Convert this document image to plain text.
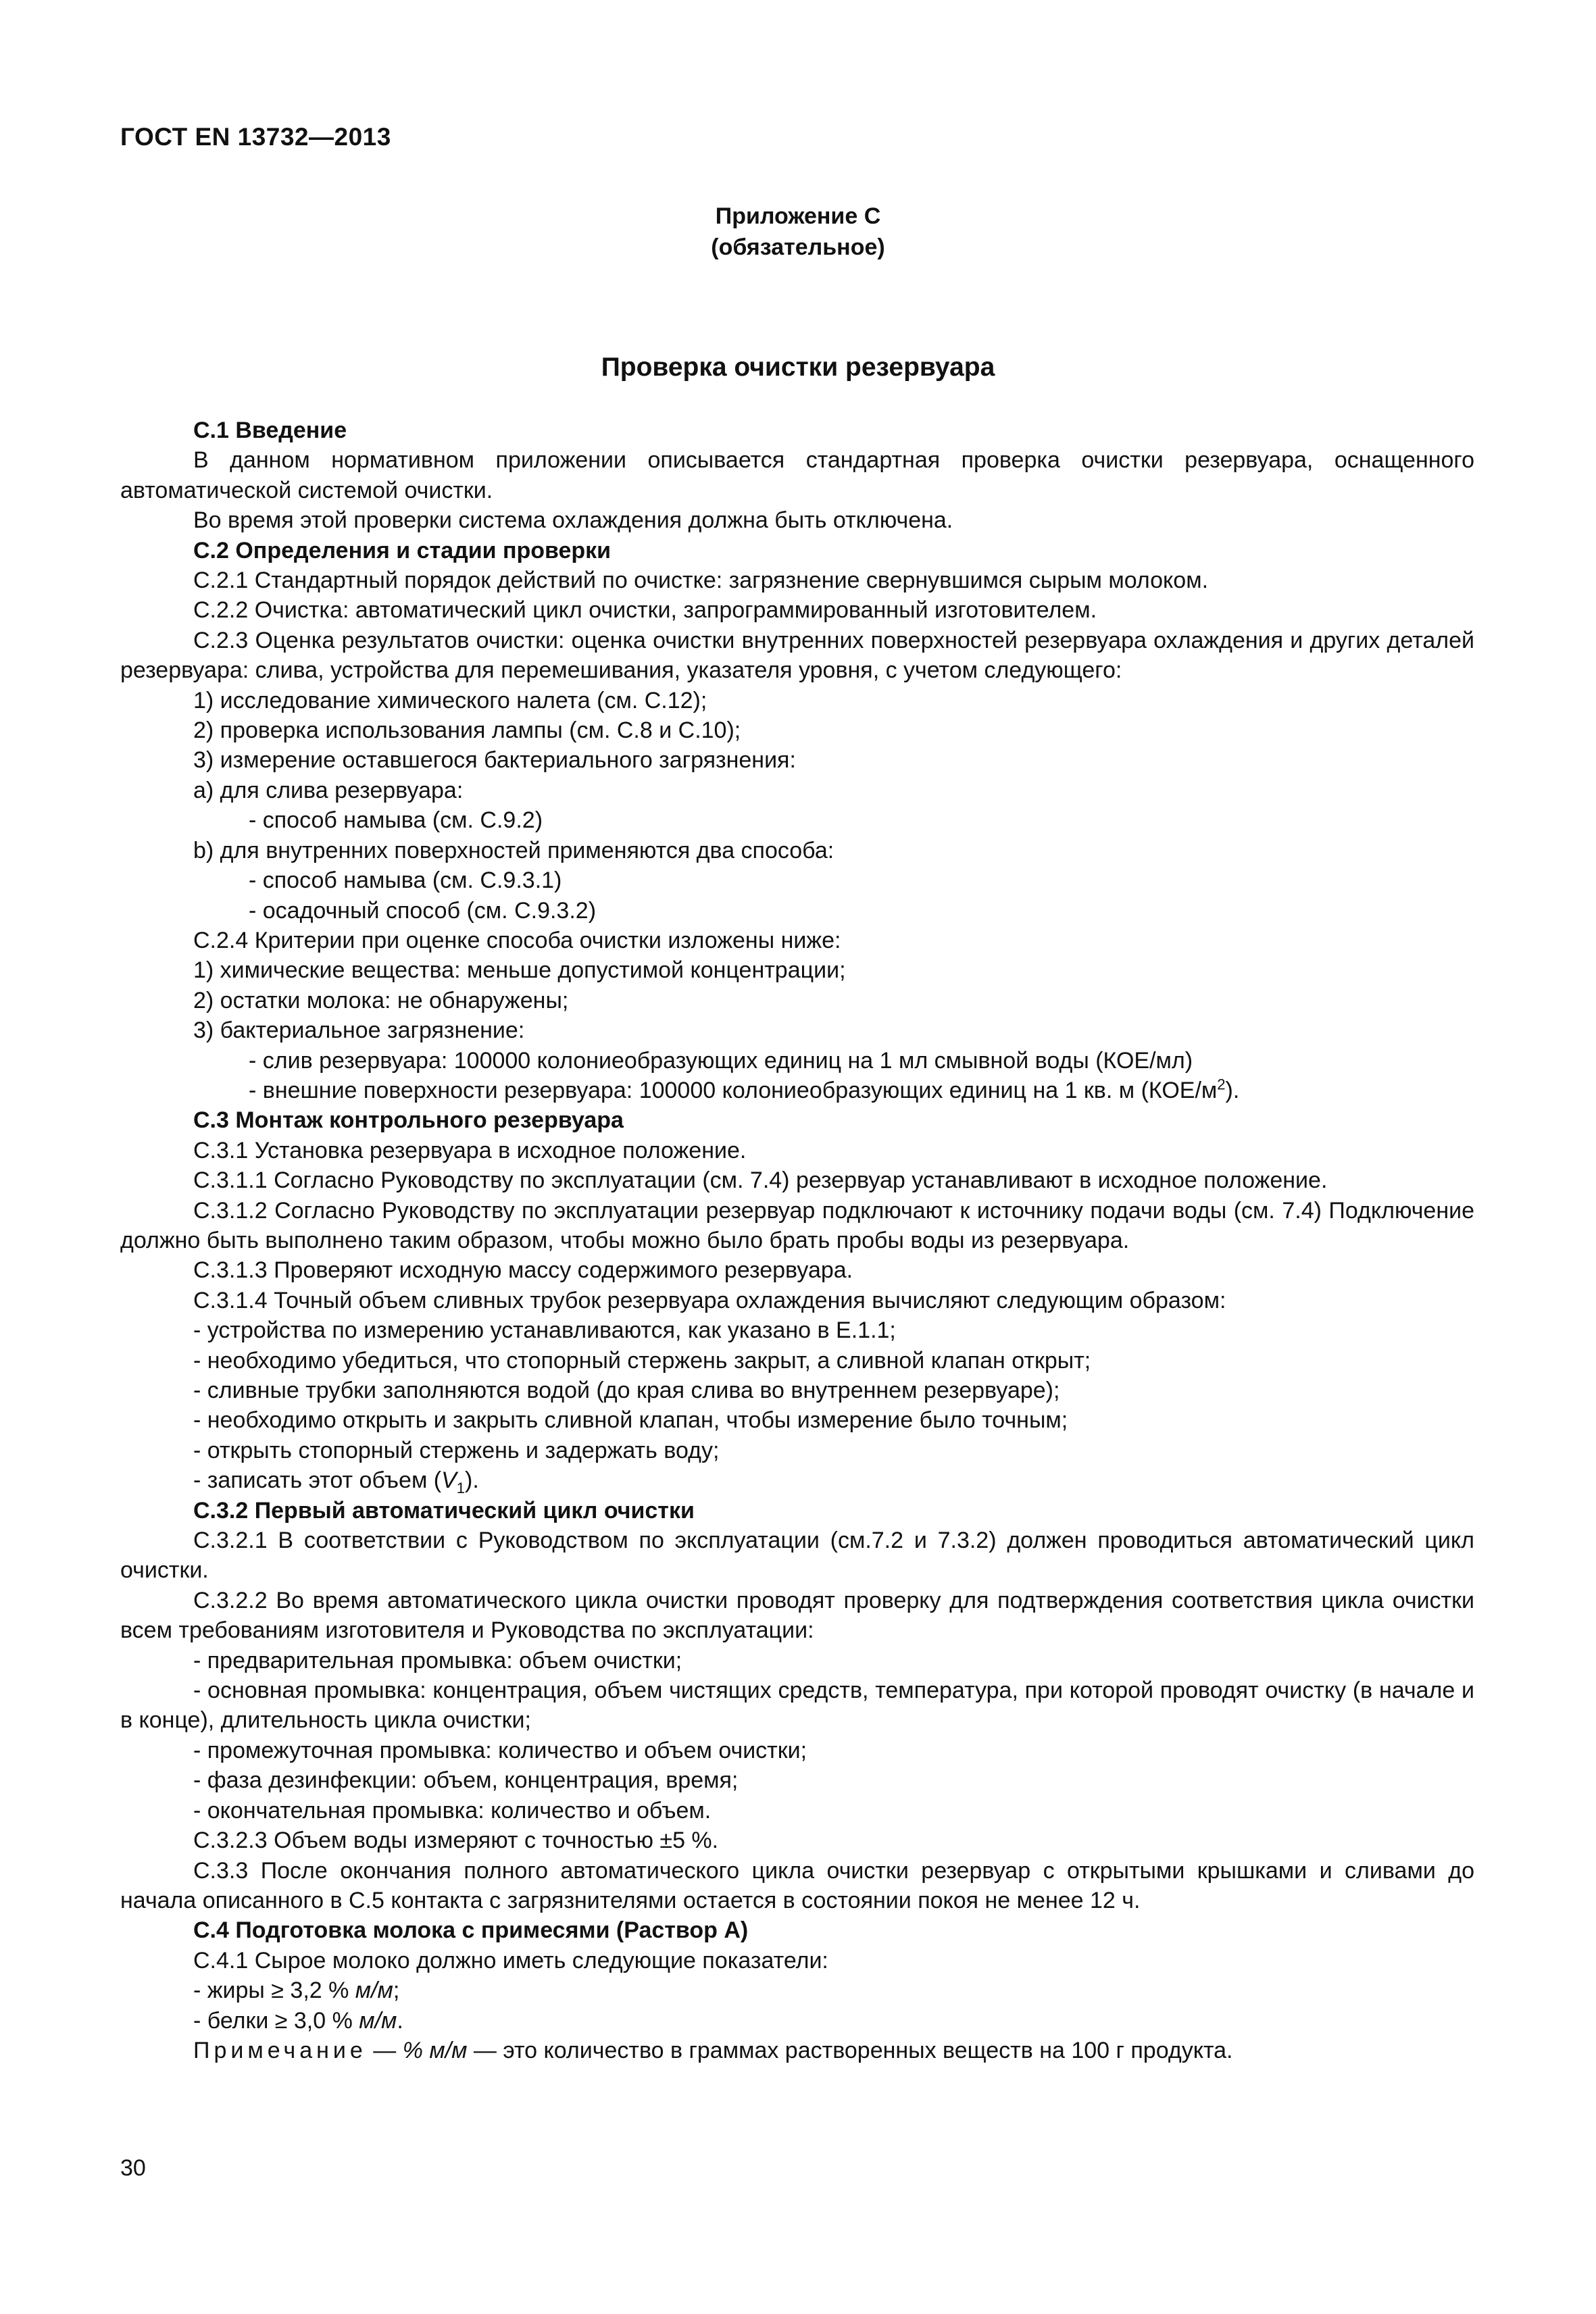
ГОСТ EN 13732—2013
Приложение С
(обязательное)
Проверка очистки резервуара

С.1 Введение

В данном нормативном приложении описывается стандартная проверка очистки резервуара, оснащенного автоматической системой очистки.

Во время этой проверки система охлаждения должна быть отключена.

С.2 Определения и стадии проверки

С.2.1 Стандартный порядок действий по очистке: загрязнение свернувшимся сырым молоком.

С.2.2 Очистка: автоматический цикл очистки, запрограммированный изготовителем.

С.2.3 Оценка результатов очистки: оценка очистки внутренних поверхностей резервуара охлаждения и других деталей резервуара: слива, устройства для перемешивания, указателя уровня, с учетом следующего:

1) исследование химического налета (см. С.12);

2) проверка использования лампы (см. С.8 и С.10);

3) измерение оставшегося бактериального загрязнения:

а) для слива резервуара:

- способ намыва (см. С.9.2)

b) для внутренних поверхностей применяются два способа:

- способ намыва (см. С.9.3.1)

- осадочный способ (см. С.9.3.2)

С.2.4 Критерии при оценке способа очистки изложены ниже:

1) химические вещества: меньше допустимой концентрации;

2) остатки молока: не обнаружены;

3) бактериальное загрязнение:

- слив резервуара: 100000 колониеобразующих единиц на 1 мл смывной воды (КОЕ/мл)

- внешние поверхности резервуара: 100000 колониеобразующих единиц на 1 кв. м $(КОЕ/м^2)$.

С.3 Монтаж контрольного резервуара

С.3.1 Установка резервуара в исходное положение.

С.3.1.1 Согласно Руководству по эксплуатации (см. 7.4) резервуар устанавливают в исходное положение.

С.3.1.2 Согласно Руководству по эксплуатации резервуар подключают к источнику подачи воды (см. 7.4) Подключение должно быть выполнено таким образом, чтобы можно было брать пробы воды из резервуара.

С.3.1.3 Проверяют исходную массу содержимого резервуара.

С.3.1.4 Точный объем сливных трубок резервуара охлаждения вычисляют следующим образом:

- устройства по измерению устанавливаются, как указано в Е.1.1;

- необходимо убедиться, что стопорный стержень закрыт, а сливной клапан открыт;

- сливные трубки заполняются водой (до края слива во внутреннем резервуаре);

- необходимо открыть и закрыть сливной клапан, чтобы измерение было точным;

- открыть стопорный стержень и задержать воду;

- записать этот объем $(V_1)$.

С.3.2 Первый автоматический цикл очистки

С.3.2.1 В соответствии с Руководством по эксплуатации (см.7.2 и 7.3.2) должен проводиться автоматический цикл очистки.

С.3.2.2 Во время автоматического цикла очистки проводят проверку для подтверждения соответствия цикла очистки всем требованиям изготовителя и Руководства по эксплуатации:

- предварительная промывка: объем очистки;

- основная промывка: концентрация, объем чистящих средств, температура, при которой проводят очистку (в начале и в конце), длительность цикла очистки;

- промежуточная промывка: количество и объем очистки;

- фаза дезинфекции: объем, концентрация, время;

- окончательная промывка: количество и объем.

С.3.2.3 Объем воды измеряют с точностью ±5 %.

С.3.3 После окончания полного автоматического цикла очистки резервуар с открытыми крышками и сливами до начала описанного в С.5 контакта с загрязнителями остается в состоянии покоя не менее 12 ч.

С.4 Подготовка молока с примесями (Раствор А)

С.4.1 Сырое молоко должно иметь следующие показатели:

- жиры ≥ 3,2 % м/м;

- белки ≥ 3,0 % м/м.

Примечание — % м/м — это количество в граммах растворенных веществ на 100 г продукта.

30
